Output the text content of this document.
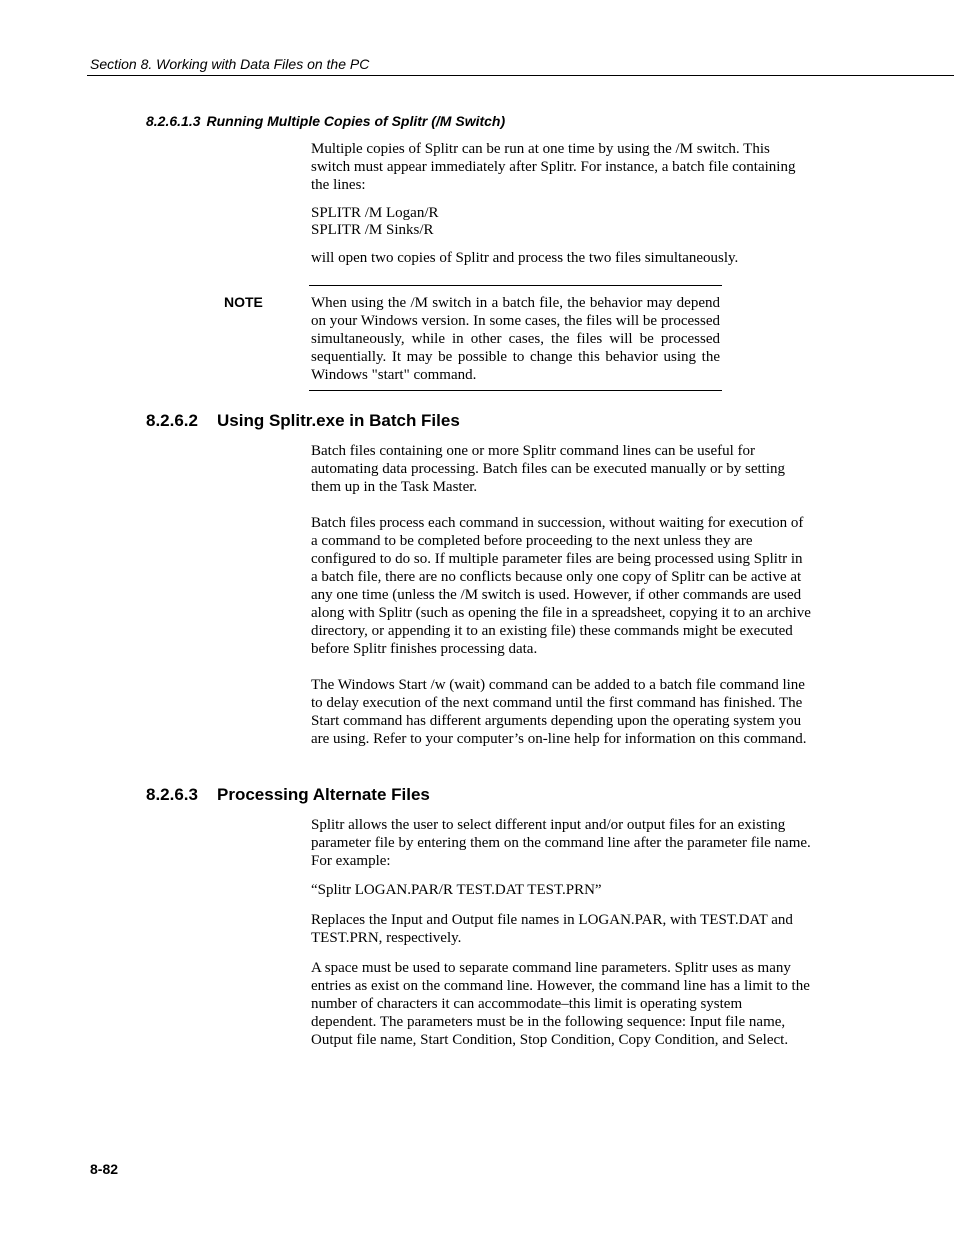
Section 8. Working with Data Files on the PC
8.2.6.1.3 Running Multiple Copies of Splitr (/M Switch)

Multiple copies of Splitr can be run at one time by using the /M switch. This switch must appear immediately after Splitr. For instance, a batch file containing the lines:

SPLITR /M Logan/R

SPLITR /M Sinks/R

will open two copies of Splitr and process the two files simultaneously.

NOTE	When using the /M switch in a batch file, the behavior may depend on your Windows version. In some cases, the files will be processed simultaneously, while in other cases, the files will be processed sequentially. It may be possible to change this behavior using the Windows "start" command.
8.2.6.2 Using Splitr.exe in Batch Files

Batch files containing one or more Splitr command lines can be useful for automating data processing. Batch files can be executed manually or by setting them up in the Task Master.

Batch files process each command in succession, without waiting for execution of a command to be completed before proceeding to the next unless they are configured to do so. If multiple parameter files are being processed using Splitr in a batch file, there are no conflicts because only one copy of Splitr can be active at any one time (unless the /M switch is used. However, if other commands are used along with Splitr (such as opening the file in a spreadsheet, copying it to an archive directory, or appending it to an existing file) these commands might be executed before Splitr finishes processing data.

The Windows Start /w (wait) command can be added to a batch file command line to delay execution of the next command until the first command has finished. The Start command has different arguments depending upon the operating system you are using. Refer to your computer’s on-line help for information on this command.

8.2.6.3 Processing Alternate Files

Splitr allows the user to select different input and/or output files for an existing parameter file by entering them on the command line after the parameter file name. For example:

“Splitr LOGAN.PAR/R TEST.DAT TEST.PRN”

Replaces the Input and Output file names in LOGAN.PAR, with TEST.DAT and TEST.PRN, respectively.

A space must be used to separate command line parameters. Splitr uses as many entries as exist on the command line. However, the command line has a limit to the number of characters it can accommodate–this limit is operating system dependent. The parameters must be in the following sequence: Input file name, Output file name, Start Condition, Stop Condition, Copy Condition, and Select.

8-82
